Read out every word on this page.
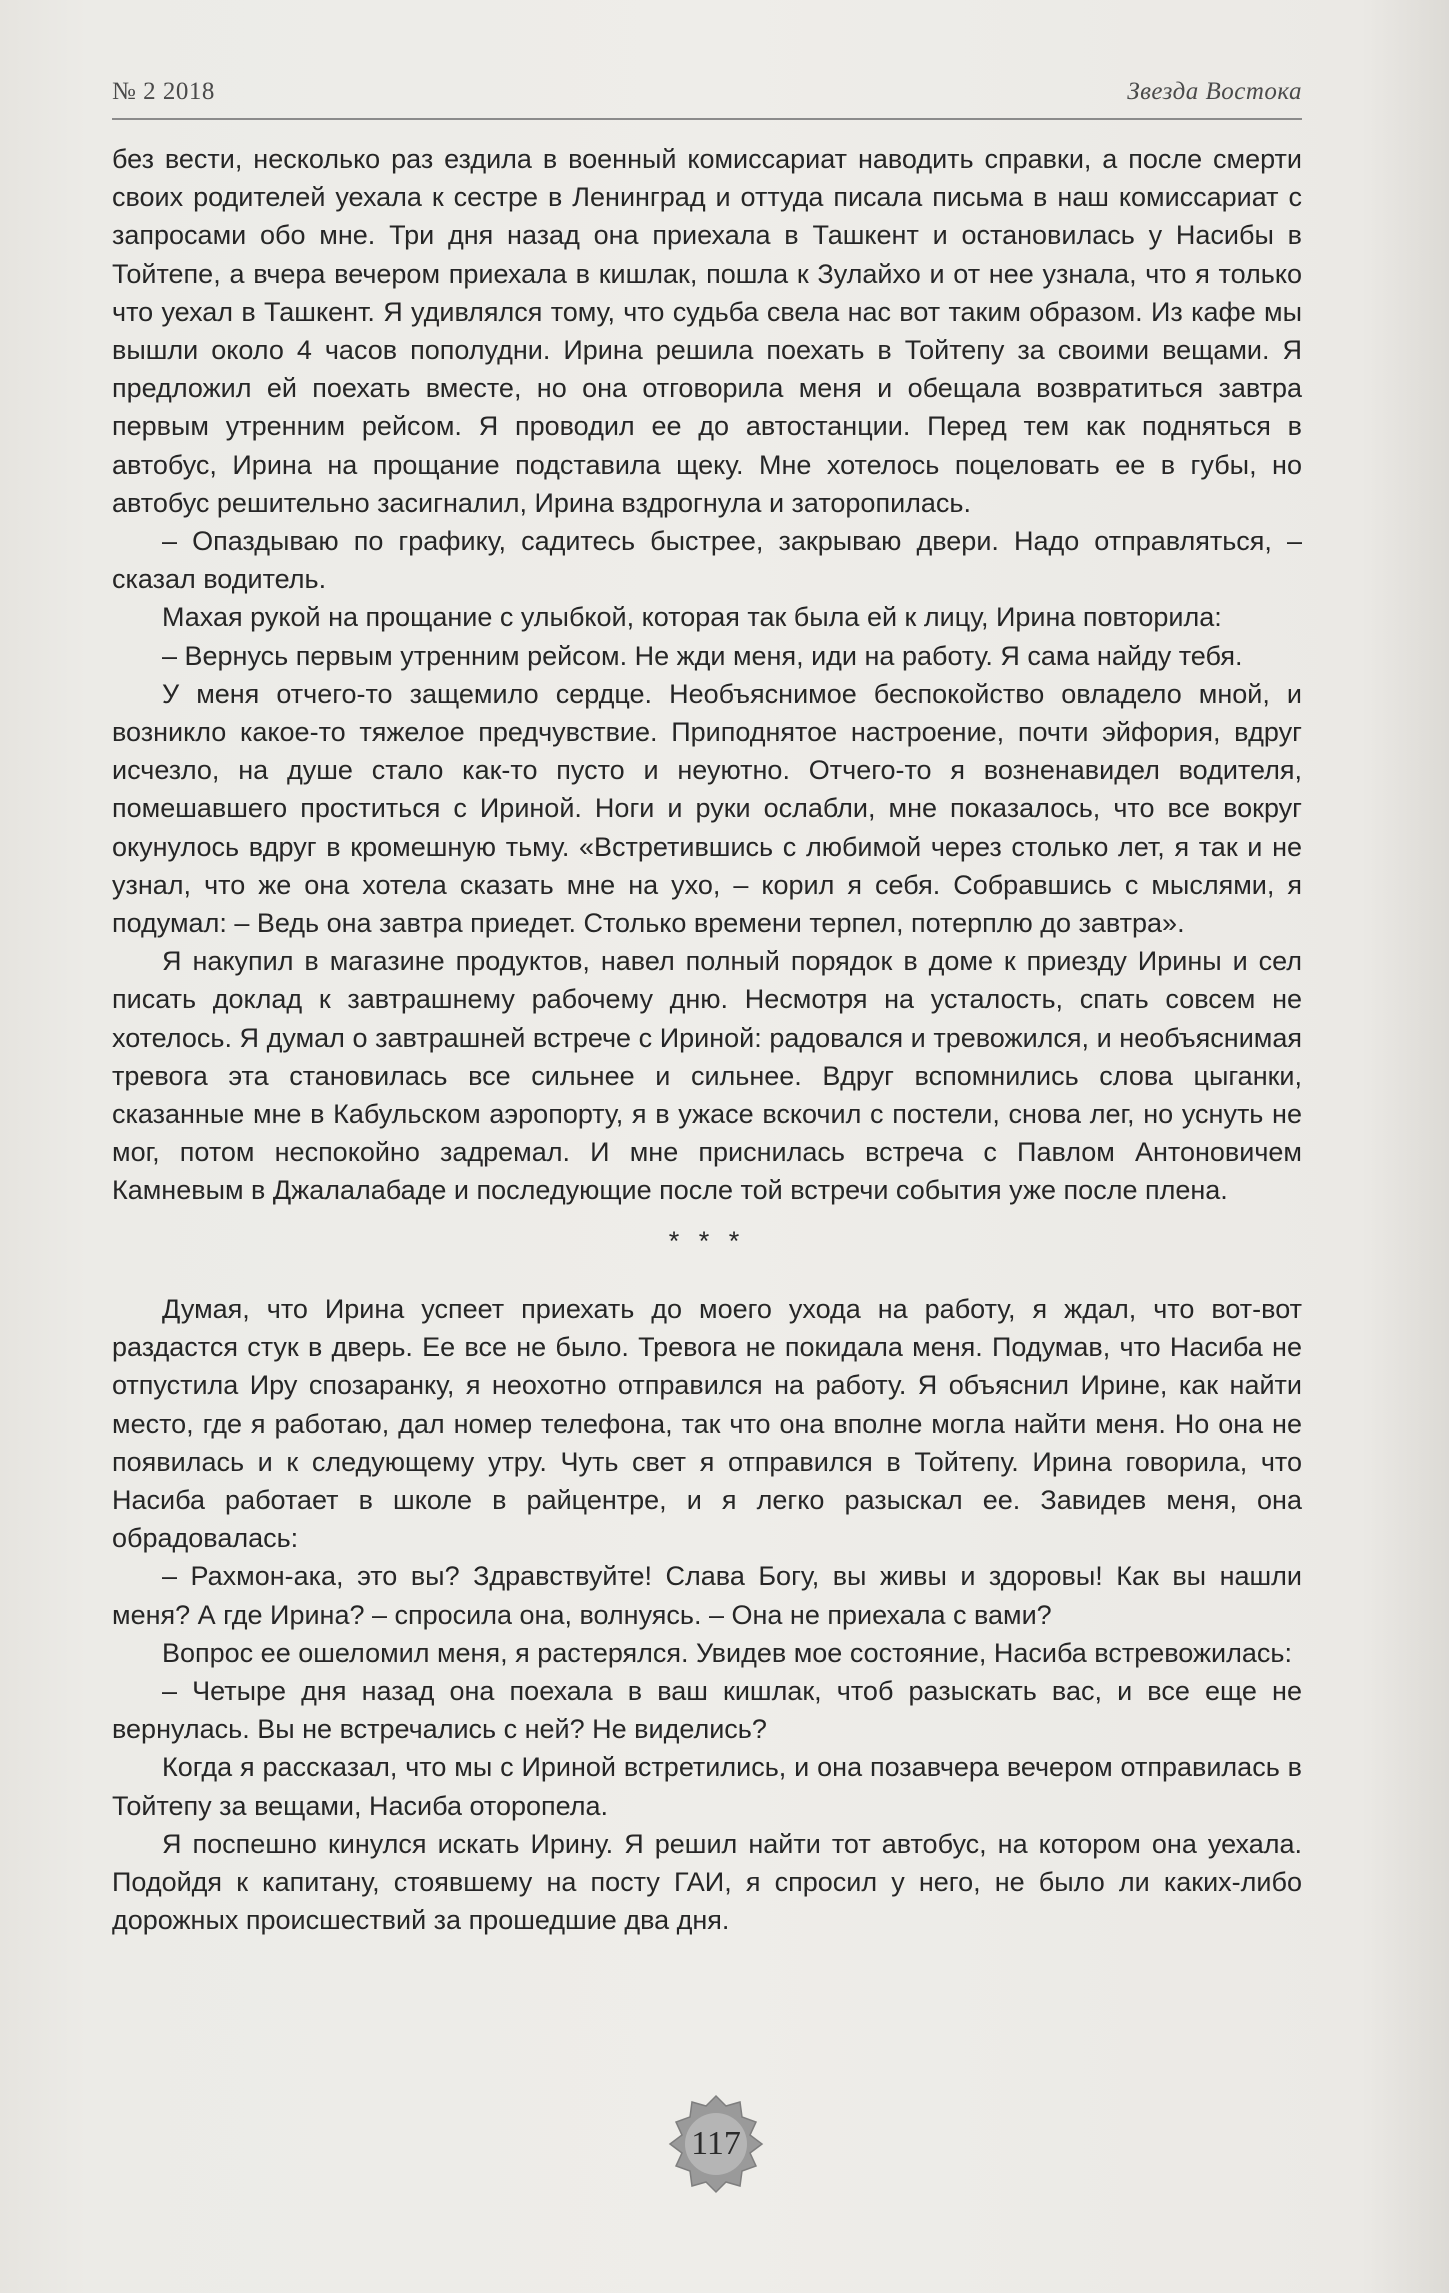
№ 2 2018	Звезда Востока

без вести, несколько раз ездила в военный комиссариат наводить справки, а после смерти своих родителей уехала к сестре в Ленинград и оттуда писала письма в наш комиссариат с запросами обо мне. Три дня назад она приехала в Ташкент и остановилась у Насибы в Тойтепе, а вчера вечером приехала в кишлак, пошла к Зулайхо и от нее узнала, что я только что уехал в Ташкент. Я удивлялся тому, что судьба свела нас вот таким образом. Из кафе мы вышли около 4 часов пополудни. Ирина решила поехать в Тойтепу за своими вещами. Я предложил ей поехать вместе, но она отговорила меня и обещала возвратиться завтра первым утренним рейсом. Я проводил ее до автостанции. Перед тем как подняться в автобус, Ирина на прощание подставила щеку. Мне хотелось поцеловать ее в губы, но автобус решительно засигналил, Ирина вздрогнула и заторопилась.

– Опаздываю по графику, садитесь быстрее, закрываю двери. Надо отправляться, – сказал водитель.

Махая рукой на прощание с улыбкой, которая так была ей к лицу, Ирина повторила:

– Вернусь первым утренним рейсом. Не жди меня, иди на работу. Я сама найду тебя.

У меня отчего-то защемило сердце. Необъяснимое беспокойство овладело мной, и возникло какое-то тяжелое предчувствие. Приподнятое настроение, почти эйфория, вдруг исчезло, на душе стало как-то пусто и неуютно. Отчего-то я возненавидел водителя, помешавшего проститься с Ириной. Ноги и руки ослабли, мне показалось, что все вокруг окунулось вдруг в кромешную тьму. «Встретившись с любимой через столько лет, я так и не узнал, что же она хотела сказать мне на ухо, – корил я себя. Собравшись с мыслями, я подумал: – Ведь она завтра приедет. Столько времени терпел, потерплю до завтра».

Я накупил в магазине продуктов, навел полный порядок в доме к приезду Ирины и сел писать доклад к завтрашнему рабочему дню. Несмотря на усталость, спать совсем не хотелось. Я думал о завтрашней встрече с Ириной: радовался и тревожился, и необъяснимая тревога эта становилась все сильнее и сильнее. Вдруг вспомнились слова цыганки, сказанные мне в Кабульском аэропорту, я в ужасе вскочил с постели, снова лег, но уснуть не мог, потом неспокойно задремал. И мне приснилась встреча с Павлом Антоновичем Камневым в Джалалабаде и последующие после той встречи события уже после плена.

* * *

Думая, что Ирина успеет приехать до моего ухода на работу, я ждал, что вот-вот раздастся стук в дверь. Ее все не было. Тревога не покидала меня. Подумав, что Насиба не отпустила Иру спозаранку, я неохотно отправился на работу. Я объяснил Ирине, как найти место, где я работаю, дал номер телефона, так что она вполне могла найти меня. Но она не появилась и к следующему утру. Чуть свет я отправился в Тойтепу. Ирина говорила, что Насиба работает в школе в райцентре, и я легко разыскал ее. Завидев меня, она обрадовалась:

– Рахмон-ака, это вы? Здравствуйте! Слава Богу, вы живы и здоровы! Как вы нашли меня? А где Ирина? – спросила она, волнуясь. – Она не приехала с вами?

Вопрос ее ошеломил меня, я растерялся. Увидев мое состояние, Насиба встревожилась:

– Четыре дня назад она поехала в ваш кишлак, чтоб разыскать вас, и все еще не вернулась. Вы не встречались с ней? Не виделись?

Когда я рассказал, что мы с Ириной встретились, и она позавчера вечером отправилась в Тойтепу за вещами, Насиба оторопела.

Я поспешно кинулся искать Ирину. Я решил найти тот автобус, на котором она уехала. Подойдя к капитану, стоявшему на посту ГАИ, я спросил у него, не было ли каких-либо дорожных происшествий за прошедшие два дня.

117
